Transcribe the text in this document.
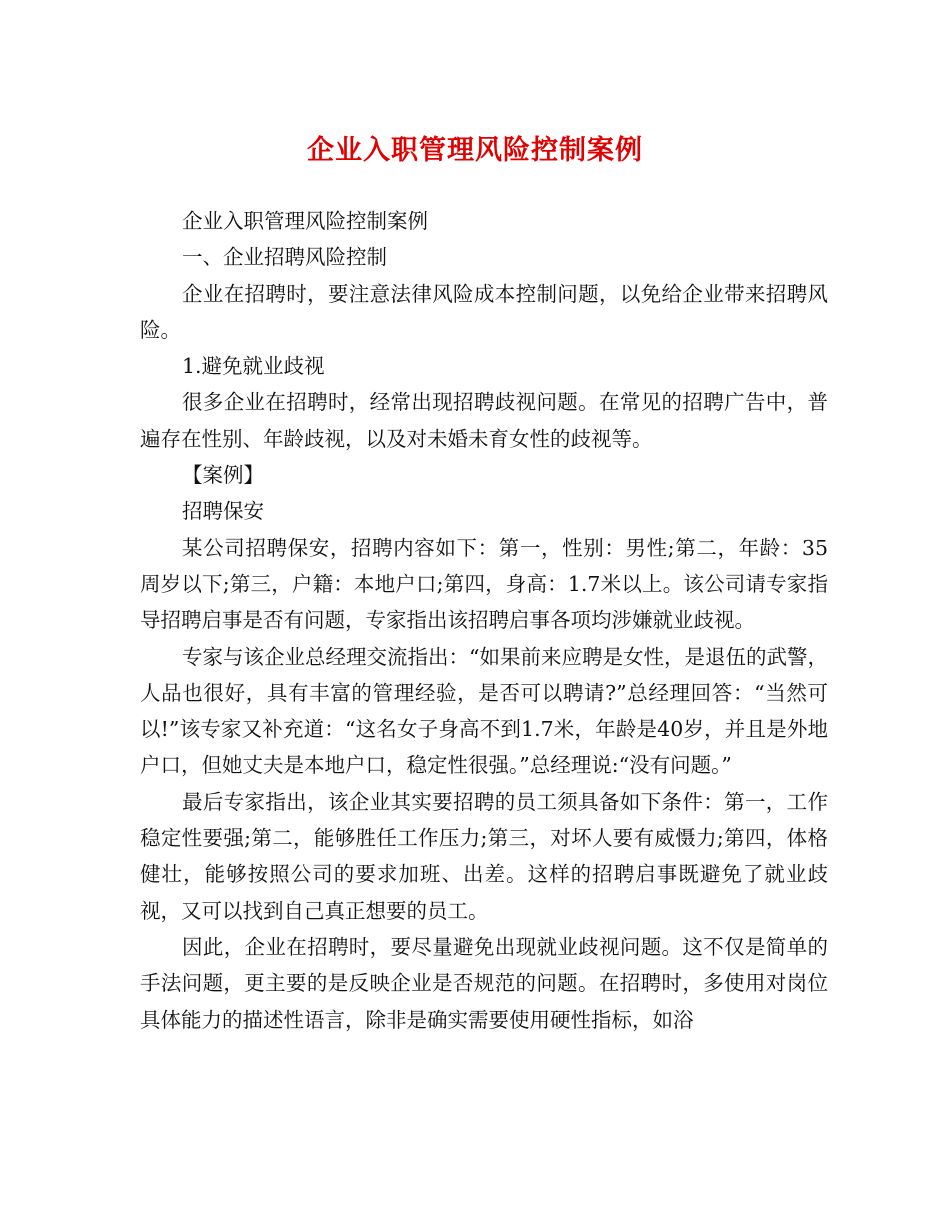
企业入职管理风险控制案例

企业入职管理风险控制案例

一、企业招聘风险控制

企业在招聘时，要注意法律风险成本控制问题，以免给企业带来招聘风险。

1.避免就业歧视

很多企业在招聘时，经常出现招聘歧视问题。在常见的招聘广告中，普遍存在性别、年龄歧视，以及对未婚未育女性的歧视等。

【案例】

招聘保安

某公司招聘保安，招聘内容如下：第一，性别：男性;第二，年龄：35周岁以下;第三，户籍：本地户口;第四，身高：1.7米以上。该公司请专家指导招聘启事是否有问题，专家指出该招聘启事各项均涉嫌就业歧视。

专家与该企业总经理交流指出：“如果前来应聘是女性，是退伍的武警，人品也很好，具有丰富的管理经验，是否可以聘请?”总经理回答：“当然可以!”该专家又补充道：“这名女子身高不到1.7米，年龄是40岁，并且是外地户口，但她丈夫是本地户口，稳定性很强。”总经理说:“没有问题。”

最后专家指出，该企业其实要招聘的员工须具备如下条件：第一，工作稳定性要强;第二，能够胜任工作压力;第三，对坏人要有威慑力;第四，体格健壮，能够按照公司的要求加班、出差。这样的招聘启事既避免了就业歧视，又可以找到自己真正想要的员工。

因此，企业在招聘时，要尽量避免出现就业歧视问题。这不仅是简单的手法问题，更主要的是反映企业是否规范的问题。在招聘时，多使用对岗位具体能力的描述性语言，除非是确实需要使用硬性指标，如浴
